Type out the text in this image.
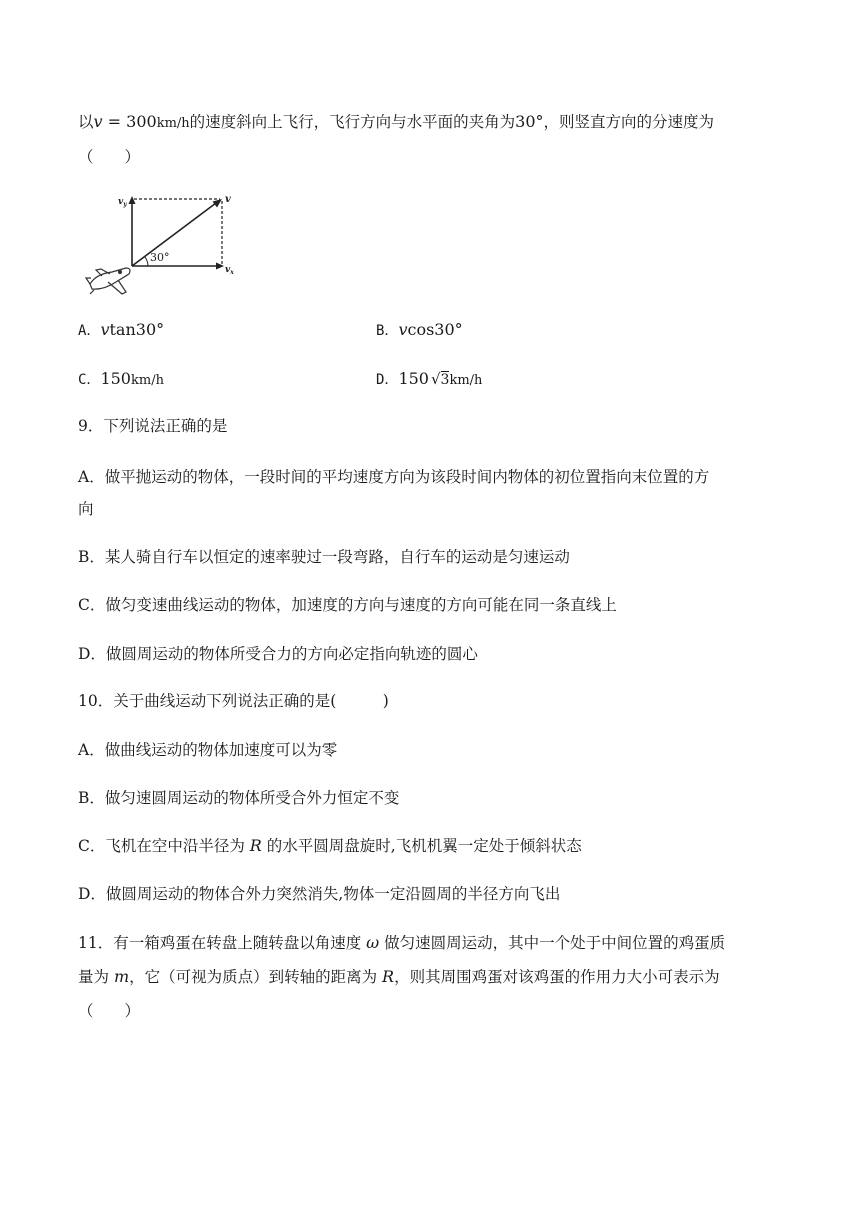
以v = 300km/h的速度斜向上飞行，飞行方向与水平面的夹角为30°，则竖直方向的分速度为
（　　）
30°
$v_y$	v
$v_x$
A．vtan30°	B．vcos30°
C．150km/h	D．150 √3km/h
9．下列说法正确的是
A．做平抛运动的物体，一段时间的平均速度方向为该段时间内物体的初位置指向末位置的方
向
B．某人骑自行车以恒定的速率驶过一段弯路，自行车的运动是匀速运动
C．做匀变速曲线运动的物体，加速度的方向与速度的方向可能在同一条直线上
D．做圆周运动的物体所受合力的方向必定指向轨迹的圆心
10．关于曲线运动下列说法正确的是(　　　)
A．做曲线运动的物体加速度可以为零
B．做匀速圆周运动的物体所受合外力恒定不变
C．飞机在空中沿半径为 R 的水平圆周盘旋时,飞机机翼一定处于倾斜状态
D．做圆周运动的物体合外力突然消失,物体一定沿圆周的半径方向飞出
11．有一箱鸡蛋在转盘上随转盘以角速度 ω 做匀速圆周运动，其中一个处于中间位置的鸡蛋质
量为 m，它（可视为质点）到转轴的距离为 R，则其周围鸡蛋对该鸡蛋的作用力大小可表示为
（　　）
